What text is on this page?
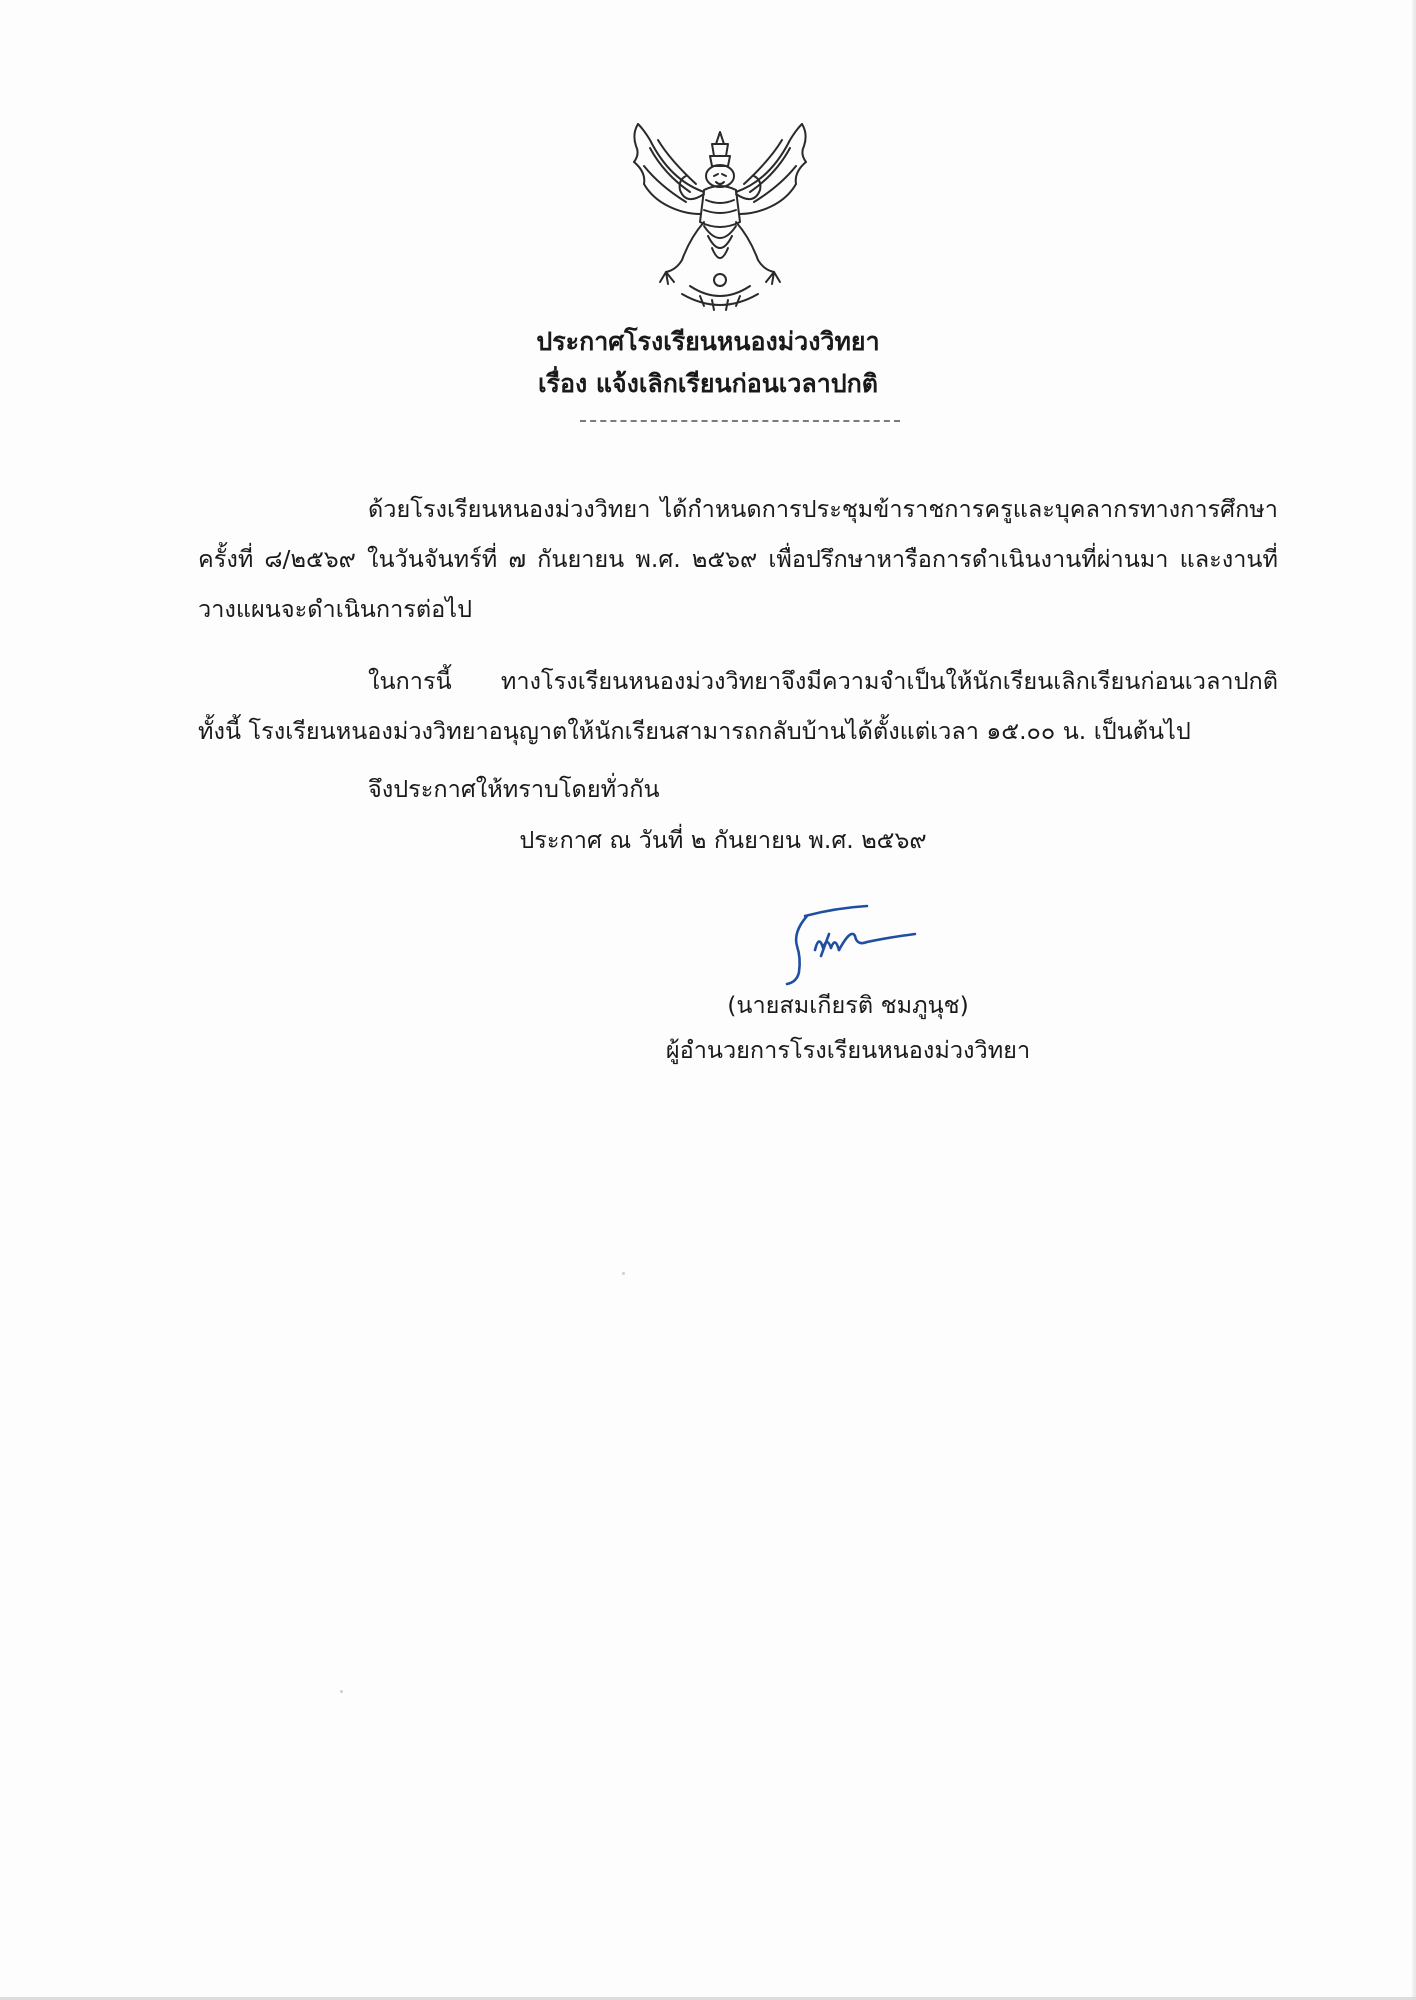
ประกาศโรงเรียนหนองม่วงวิทยา
เรื่อง แจ้งเลิกเรียนก่อนเวลาปกติ

ด้วยโรงเรียนหนองม่วงวิทยา ได้กำหนดการประชุมข้าราชการครูและบุคลากรทางการศึกษา ครั้งที่ ๘/๒๕๖๙ ในวันจันทร์ที่ ๗ กันยายน พ.ศ. ๒๕๖๙ เพื่อปรึกษาหารือการดำเนินงานที่ผ่านมา และงานที่วางแผนจะดำเนินการต่อไป

ในการนี้ ทางโรงเรียนหนองม่วงวิทยาจึงมีความจำเป็นให้นักเรียนเลิกเรียนก่อนเวลาปกติ ทั้งนี้ โรงเรียนหนองม่วงวิทยาอนุญาตให้นักเรียนสามารถกลับบ้านได้ตั้งแต่เวลา ๑๕.๐๐ น. เป็นต้นไป

จึงประกาศให้ทราบโดยทั่วกัน

ประกาศ ณ วันที่ ๒ กันยายน พ.ศ. ๒๕๖๙
(นายสมเกียรติ ชมภูนุช)
ผู้อำนวยการโรงเรียนหนองม่วงวิทยา
